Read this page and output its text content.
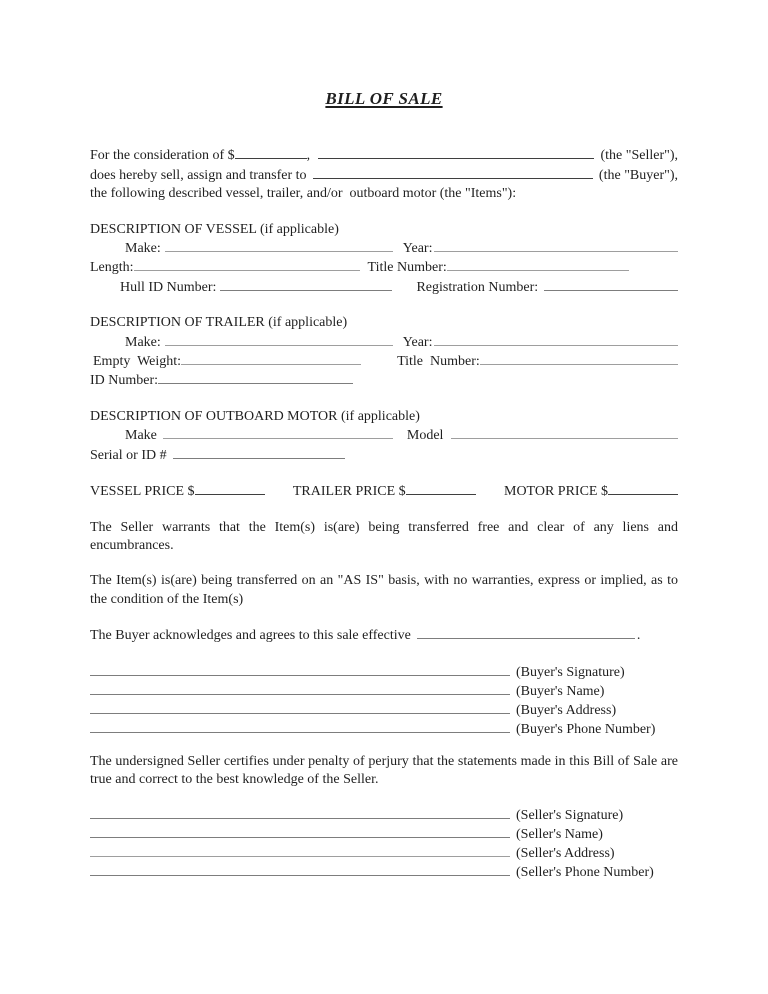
BILL OF SALE
For the consideration of $	,	(the "Seller"),
does hereby sell, assign and transfer to	(the "Buyer"),
the following described vessel, trailer, and/or  outboard motor (the "Items"):
DESCRIPTION OF VESSEL (if applicable)
Make:	Year:
Length:	Title Number:
Hull ID Number:	Registration Number:
DESCRIPTION OF TRAILER (if applicable)
Make:	Year:
Empty  Weight:	Title  Number:
ID Number:
DESCRIPTION OF OUTBOARD MOTOR (if applicable)
Make	Model
Serial or ID #
VESSEL PRICE $	TRAILER PRICE $	MOTOR PRICE $
The Seller warrants that the Item(s) is(are) being transferred free and clear of any liens and encumbrances.
The Item(s) is(are) being transferred on an "AS IS" basis, with no warranties, express or implied, as to the condition of the Item(s)
The Buyer acknowledges and agrees to this sale effective	.
(Buyer's Signature)
(Buyer's Name)
(Buyer's Address)
(Buyer's Phone Number)
The undersigned Seller certifies under penalty of perjury that the statements made in this Bill of Sale are true and correct to the best knowledge of the Seller.
(Seller's Signature)
(Seller's Name)
(Seller's Address)
(Seller's Phone Number)
